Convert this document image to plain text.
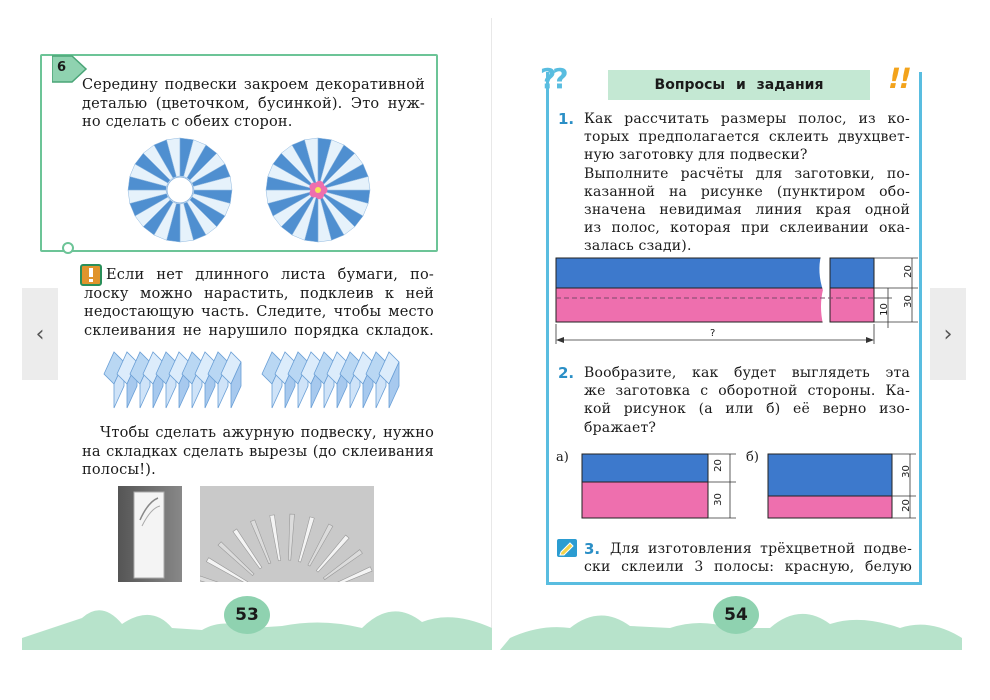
6
Середину подвески закроем декоративной
деталью (цветочком, бусинкой). Это нуж-
но сделать с обеих сторон.
Если нет длинного листа бумаги, по-
лоску можно нарастить, подклеив к ней
недостающую часть. Следите, чтобы место
склеивания не нарушило порядка складок.
Чтобы сделать ажурную подвеску, нужно
на складках сделать вырезы (до склеивания
полосы!).
‹	›
53	54
Вопросы и задания
??	!!
1. Как рассчитать размеры полос, из ко-
торых предполагается склеить двухцвет-
ную заготовку для подвески?
Выполните расчёты для заготовки, по-
казанной на рисунке (пунктиром обо-
значена невидимая линия края одной
из полос, которая при склеивании ока-
залась сзади).
20
30
10
?
2. Вообразите, как будет выглядеть эта
же заготовка с оборотной стороны. Ка-
кой рисунок (а или б) её верно изо-
бражает?
а)
20
30
б)
30
20
3. Для изготовления трёхцветной подве-
ски склеили 3 полосы: красную, белую
